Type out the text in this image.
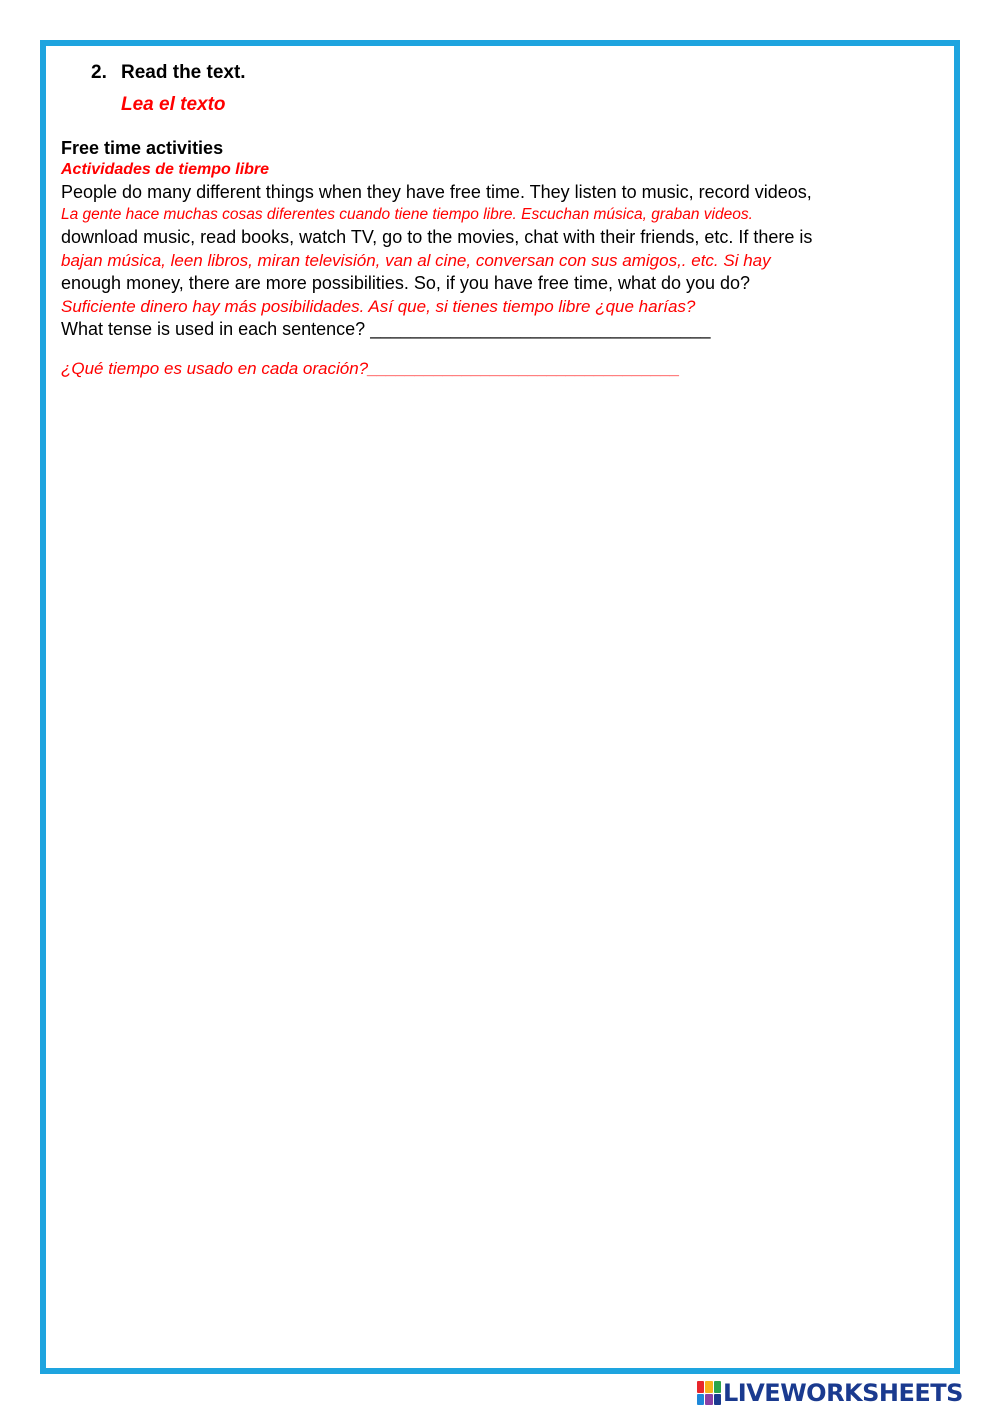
2. Read the text.
Lea el texto
Free time activities
Actividades de tiempo libre
People do many different things when they have free time. They listen to music, record videos,
La gente hace muchas cosas diferentes cuando tiene tiempo libre. Escuchan música, graban videos.
download music, read books, watch TV, go to the movies, chat with their friends, etc. If there is
bajan música, leen libros, miran televisión, van al cine, conversan con sus amigos,. etc. Si hay
enough money, there are more possibilities. So, if you have free time, what do you do?
Suficiente dinero hay más posibilidades. Así que, si tienes tiempo libre ¿que harías?
What tense is used in each sentence? __________________________________
¿Qué tiempo es usado en cada oración?_________________________________
LIVEWORKSHEETS
